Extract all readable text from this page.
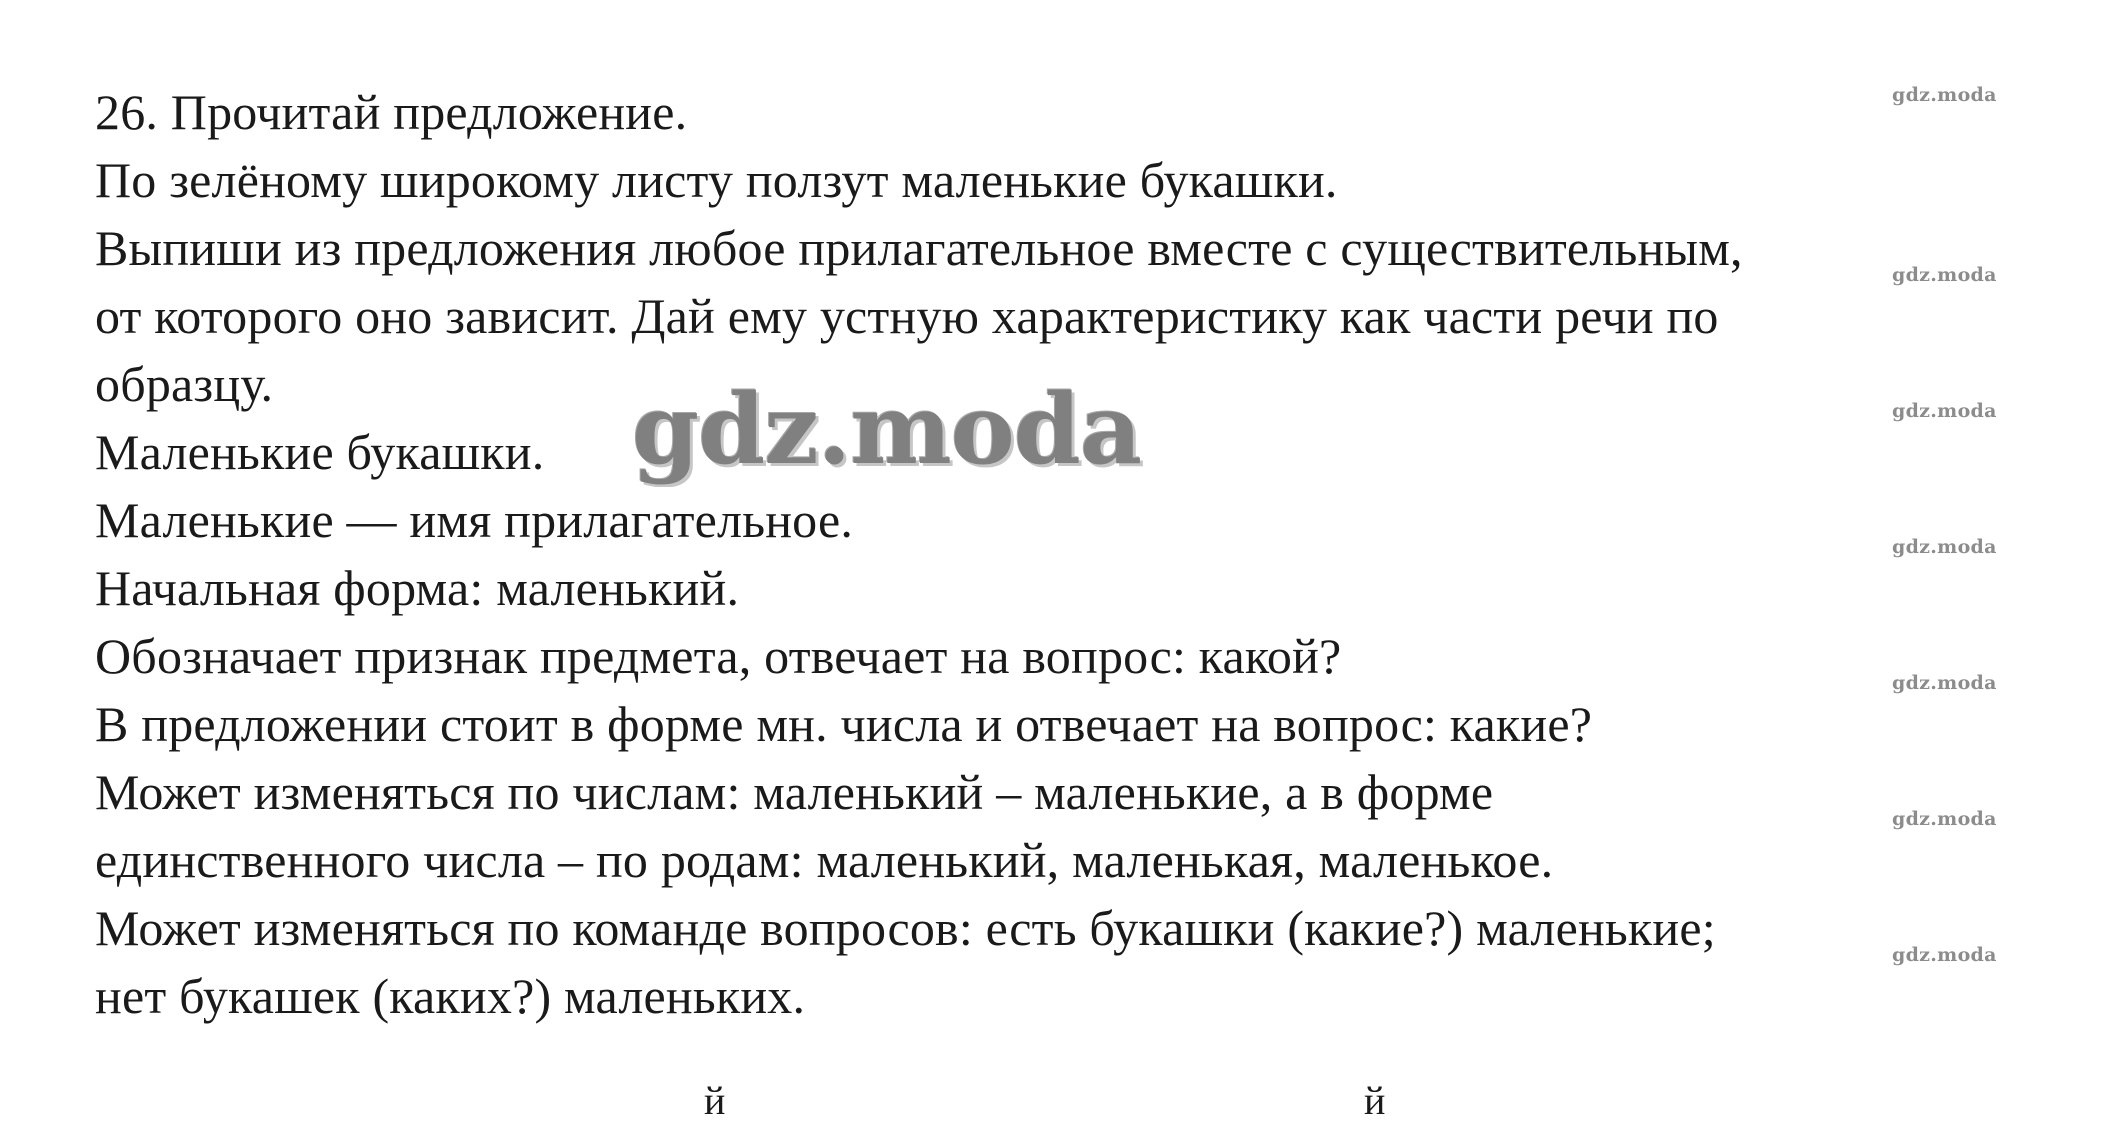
26. Прочитай предложение.
По зелёному широкому листу ползут маленькие букашки.
Выпиши из предложения любое прилагательное вместе с существительным,
от которого оно зависит. Дай ему устную характеристику как части речи по
образцу.
Маленькие букашки.
Маленькие — имя прилагательное.
Начальная форма: маленький.
Обозначает признак предмета, отвечает на вопрос: какой?
В предложении стоит в форме мн. числа и отвечает на вопрос: какие?
Может изменяться по числам: маленький – маленькие, а в форме
единственного числа – по родам: маленький, маленькая, маленькое.
Может изменяться по команде вопросов: есть букашки (какие?) маленькие;
нет букашек (каких?) маленьких.
gdz.moda
gdz.moda
gdz.moda
gdz.moda
gdz.moda
gdz.moda
gdz.moda
gdz.moda
й	й
